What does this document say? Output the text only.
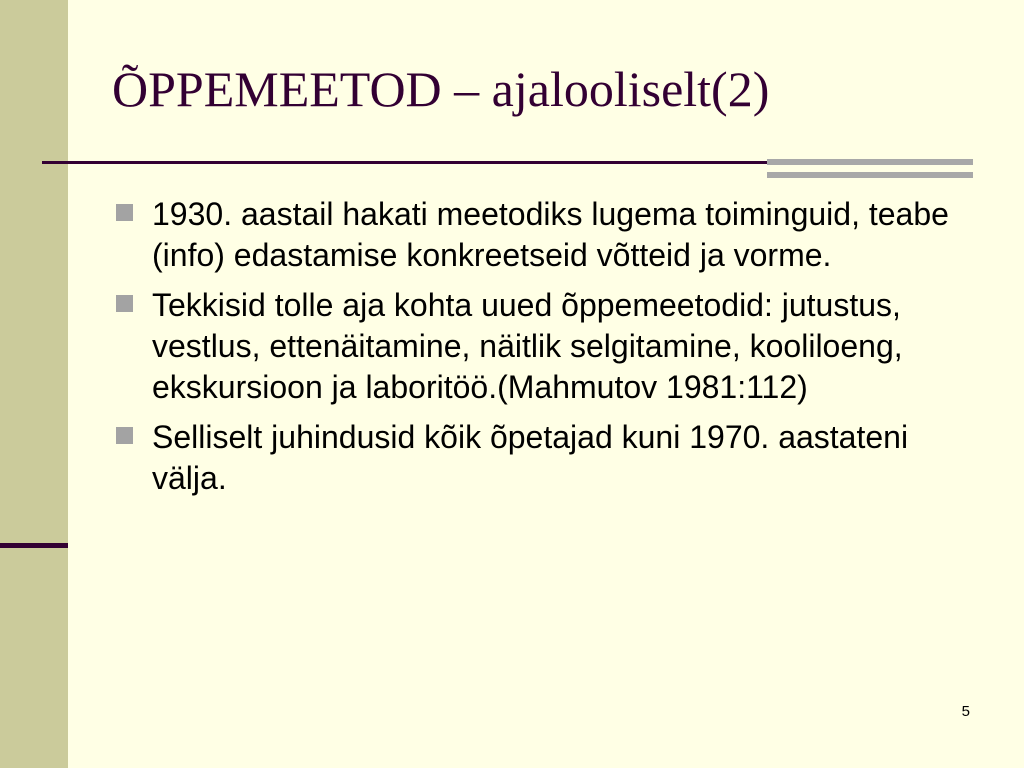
ÕPPEMEETOD – ajalooliselt(2)
1930. aastail hakati meetodiks lugema toiminguid, teabe (info) edastamise konkreetseid võtteid ja vorme.
Tekkisid tolle aja kohta uued õppemeetodid: jutustus, vestlus, ettenäitamine, näitlik selgitamine, kooliloeng, ekskursioon ja laboritöö.(Mahmutov 1981:112)
Selliselt juhindusid kõik õpetajad kuni 1970. aastateni välja.
5
